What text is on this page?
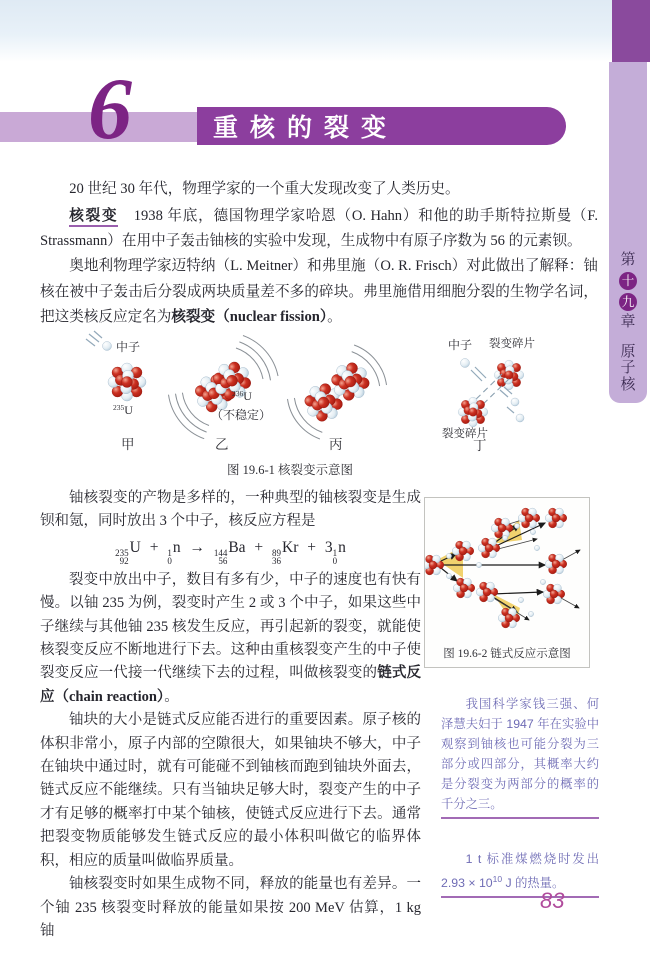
第
十
九
章
原
子
核
重核的裂变
6

20 世纪 30 年代，物理学家的一个重大发现改变了人类历史。

核裂变　1938 年底，德国物理学家哈恩（O. Hahn）和他的助手斯特拉斯曼（F. Strassmann）在用中子轰击铀核的实验中发现，生成物中有原子序数为 56 的元素钡。

奥地利物理学家迈特纳（L. Meitner）和弗里施（O. R. Frisch）对此做出了解释：铀核在被中子轰击后分裂成两块质量差不多的碎块。弗里施借用细胞分裂的生物学名词，把这类核反应定名为核裂变（nuclear fission）。

中子
$^{235}$U
甲
$^{236}$U
（不稳定）
乙	丙
中子 裂变碎片
裂变碎片
丁
图 19.6-1 核裂变示意图

铀核裂变的产物是多样的，一种典型的铀核裂变是生成钡和氪，同时放出 3 个中子，核反应方程是

235
92
U + 1
0
n → 144
56
Ba + 89
36
Kr + 3 1
0
n

裂变中放出中子，数目有多有少，中子的速度也有快有慢。以铀 235 为例，裂变时产生 2 或 3 个中子，如果这些中子继续与其他铀 235 核发生反应，再引起新的裂变，就能使核裂变反应不断地进行下去。这种由重核裂变产生的中子使裂变反应一代接一代继续下去的过程，叫做核裂变的链式反应（chain reaction）。

铀块的大小是链式反应能否进行的重要因素。原子核的体积非常小，原子内部的空隙很大，如果铀块不够大，中子在铀块中通过时，就有可能碰不到铀核而跑到铀块外面去，链式反应不能继续。只有当铀块足够大时，裂变产生的中子才有足够的概率打中某个铀核，使链式反应进行下去。通常把裂变物质能够发生链式反应的最小体积叫做它的临界体积，相应的质量叫做临界质量。

铀核裂变时如果生成物不同，释放的能量也有差异。一个铀 235 核裂变时释放的能量如果按 200 MeV 估算，1 kg 铀

图 19.6-2 链式反应示意图

我国科学家钱三强、何泽慧夫妇于 1947 年在实验中观察到铀核也可能分裂为三部分或四部分，其概率大约是分裂变为两部分的概率的千分之三。

1 t 标准煤燃烧时发出 $2.93 \times 10^{10}$ J 的热量。

83
